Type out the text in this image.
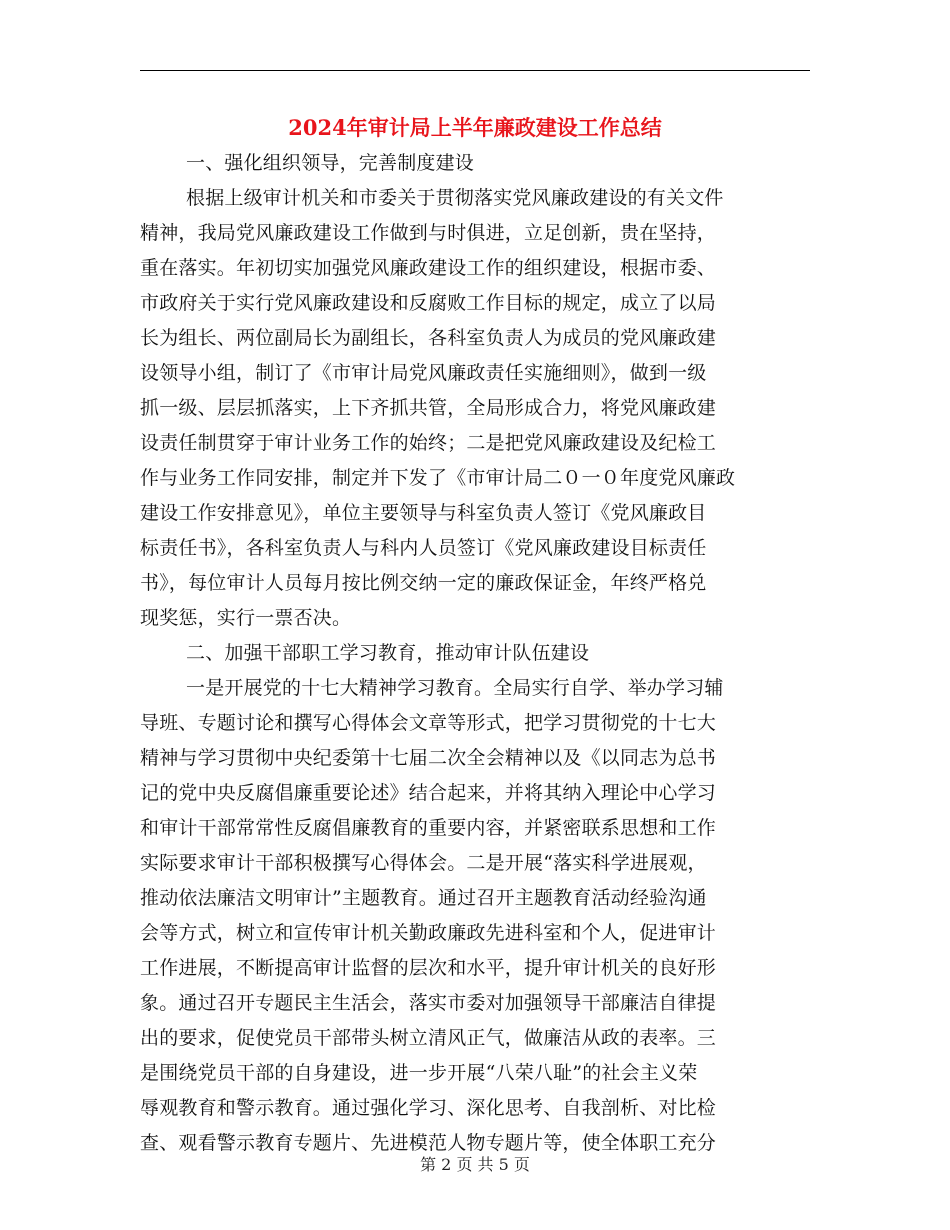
2024年审计局上半年廉政建设工作总结
一、强化组织领导，完善制度建设
根据上级审计机关和市委关于贯彻落实党风廉政建设的有关文件
精神，我局党风廉政建设工作做到与时俱进，立足创新，贵在坚持，
重在落实。年初切实加强党风廉政建设工作的组织建设，根据市委、
市政府关于实行党风廉政建设和反腐败工作目标的规定，成立了以局
长为组长、两位副局长为副组长，各科室负责人为成员的党风廉政建
设领导小组，制订了《市审计局党风廉政责任实施细则》，做到一级
抓一级、层层抓落实，上下齐抓共管，全局形成合力，将党风廉政建
设责任制贯穿于审计业务工作的始终；二是把党风廉政建设及纪检工
作与业务工作同安排，制定并下发了《市审计局二０一０年度党风廉政
建设工作安排意见》，单位主要领导与科室负责人签订《党风廉政目
标责任书》，各科室负责人与科内人员签订《党风廉政建设目标责任
书》，每位审计人员每月按比例交纳一定的廉政保证金，年终严格兑
现奖惩，实行一票否决。
二、加强干部职工学习教育，推动审计队伍建设
一是开展党的十七大精神学习教育。全局实行自学、举办学习辅
导班、专题讨论和撰写心得体会文章等形式，把学习贯彻党的十七大
精神与学习贯彻中央纪委第十七届二次全会精神以及《以同志为总书
记的党中央反腐倡廉重要论述》结合起来，并将其纳入理论中心学习
和审计干部常常性反腐倡廉教育的重要内容，并紧密联系思想和工作
实际要求审计干部积极撰写心得体会。二是开展“落实科学进展观，
推动依法廉洁文明审计”主题教育。通过召开主题教育活动经验沟通
会等方式，树立和宣传审计机关勤政廉政先进科室和个人，促进审计
工作进展，不断提高审计监督的层次和水平，提升审计机关的良好形
象。通过召开专题民主生活会，落实市委对加强领导干部廉洁自律提
出的要求，促使党员干部带头树立清风正气，做廉洁从政的表率。三
是围绕党员干部的自身建设，进一步开展“八荣八耻”的社会主义荣
辱观教育和警示教育。通过强化学习、深化思考、自我剖析、对比检
查、观看警示教育专题片、先进模范人物专题片等，使全体职工充分
第 2 页 共 5 页
